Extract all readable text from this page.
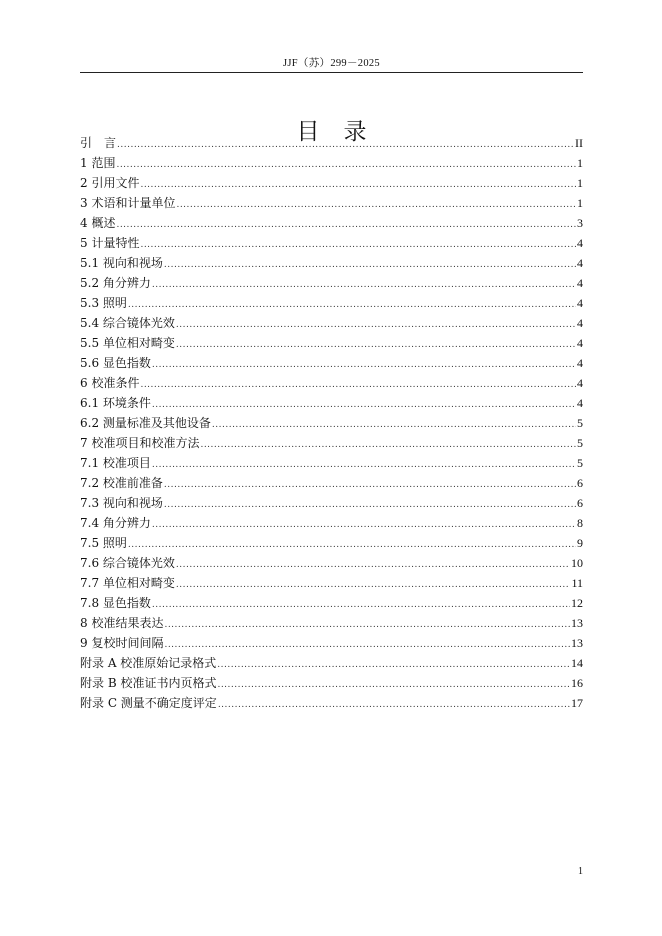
JJF（苏）299－2025
目录
引　言 .....	II
1 范围 .....	1
2 引用文件 .....	1
3 术语和计量单位 .....	1
4 概述 .....	3
5 计量特性 .....	4
5.1 视向和视场 .....	4
5.2 角分辨力 .....	4
5.3 照明 .....	4
5.4 综合镜体光效 .....	4
5.5 单位相对畸变 .....	4
5.6 显色指数 .....	4
6 校准条件 .....	4
6.1 环境条件 .....	4
6.2 测量标准及其他设备 .....	5
7 校准项目和校准方法 .....	5
7.1 校准项目 .....	5
7.2 校准前准备 .....	6
7.3 视向和视场 .....	6
7.4 角分辨力 .....	8
7.5 照明 .....	9
7.6 综合镜体光效 .....	10
7.7 单位相对畸变 .....	11
7.8 显色指数 .....	12
8 校准结果表达 .....	13
9 复校时间间隔 .....	13
附录 A 校准原始记录格式 .....	14
附录 B 校准证书内页格式 .....	16
附录 C 测量不确定度评定 .....	17
1
